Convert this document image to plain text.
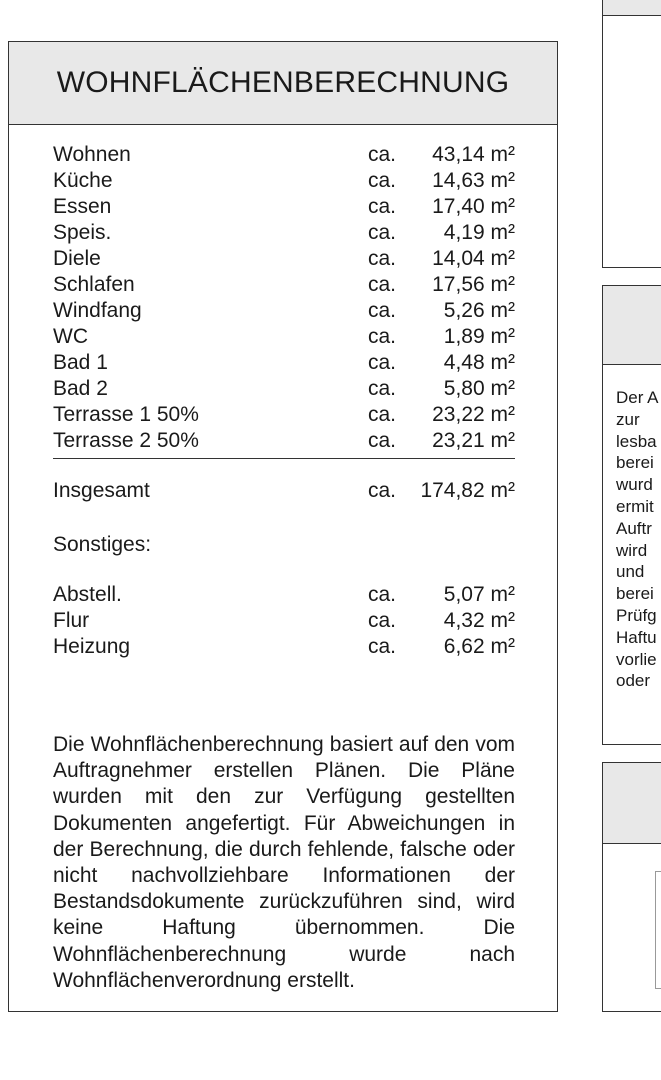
WOHNFLÄCHENBERECHNUNG
Wohnen	ca. 43,14 m²
Küche	ca. 14,63 m²
Essen	ca. 17,40 m²
Speis.	ca. 4,19 m²
Diele	ca. 14,04 m²
Schlafen	ca. 17,56 m²
Windfang	ca. 5,26 m²
WC	ca. 1,89 m²
Bad 1	ca. 4,48 m²
Bad 2	ca. 5,80 m²
Terrasse 1 50%	ca. 23,22 m²
Terrasse 2 50%	ca. 23,21 m²
Insgesamt	ca. 174,82 m²
Sonstiges:
Abstell.	ca. 5,07 m²
Flur	ca. 4,32 m²
Heizung	ca. 6,62 m²

Die Wohnflächenberechnung basiert auf den vom Auftragnehmer erstellen Plänen. Die Pläne wurden mit den zur Verfügung gestellten Dokumenten angefertigt. Für Abweichungen in der Berechnung, die durch fehlende, falsche oder nicht nachvollziehbare Informationen der Bestandsdokumente zurückzuführen sind, wird keine Haftung übernommen. Die Wohnflächenberechnung wurde nach Wohnflächenverordnung erstellt.

Der A
zur
lesba
berei
wurd
ermit
Auftr
wird
und
berei
Prüfg
Haftu
vorlie
oder
